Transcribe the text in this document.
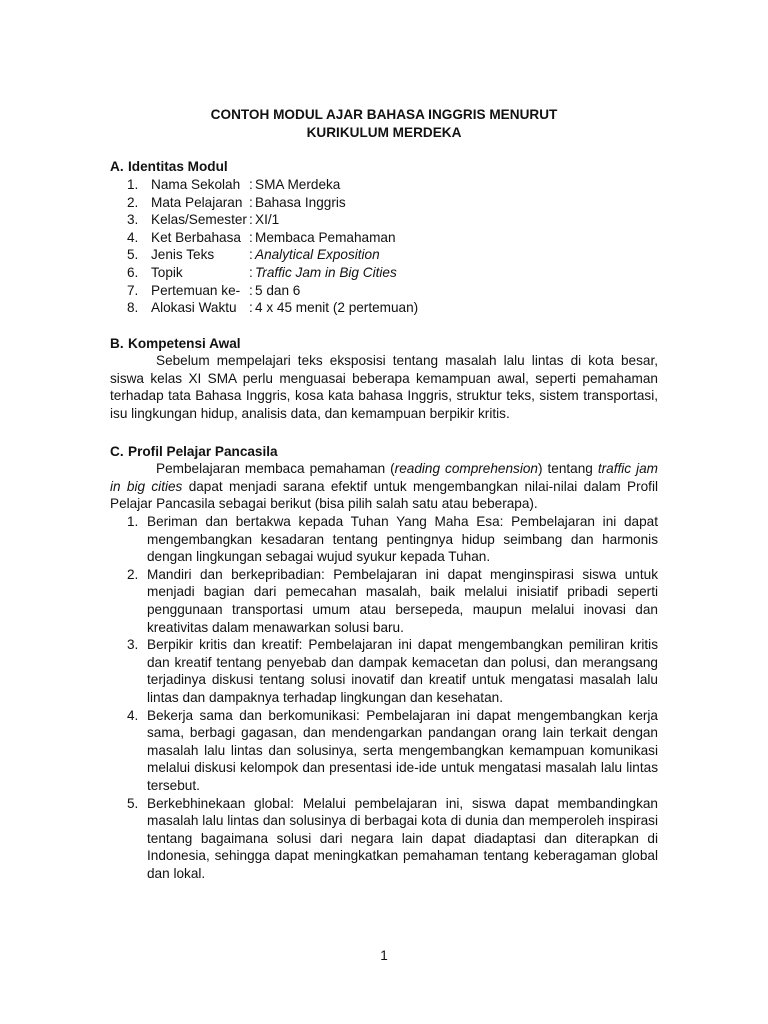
CONTOH MODUL AJAR BAHASA INGGRIS MENURUT
KURIKULUM MERDEKA
A. Identitas Modul
1. Nama Sekolah : SMA Merdeka
2. Mata Pelajaran : Bahasa Inggris
3. Kelas/Semester : XI/1
4. Ket Berbahasa : Membaca Pemahaman
5. Jenis Teks	: Analytical Exposition
6. Topik	: Traffic Jam in Big Cities
7. Pertemuan ke- : 5 dan 6
8. Alokasi Waktu : 4 x 45 menit (2 pertemuan)
B. Kompetensi Awal

Sebelum mempelajari teks eksposisi tentang masalah lalu lintas di kota besar, siswa kelas XI SMA perlu menguasai beberapa kemampuan awal, seperti pemahaman terhadap tata Bahasa Inggris, kosa kata bahasa Inggris, struktur teks, sistem transportasi, isu lingkungan hidup, analisis data, dan kemampuan berpikir kritis.

C. Profil Pelajar Pancasila

Pembelajaran membaca pemahaman (reading comprehension) tentang traffic jam in big cities dapat menjadi sarana efektif untuk mengembangkan nilai-nilai dalam Profil Pelajar Pancasila sebagai berikut (bisa pilih salah satu atau beberapa).

1. Beriman dan bertakwa kepada Tuhan Yang Maha Esa: Pembelajaran ini dapat mengembangkan kesadaran tentang pentingnya hidup seimbang dan harmonis dengan lingkungan sebagai wujud syukur kepada Tuhan.

2. Mandiri dan berkepribadian: Pembelajaran ini dapat menginspirasi siswa untuk menjadi bagian dari pemecahan masalah, baik melalui inisiatif pribadi seperti penggunaan transportasi umum atau bersepeda, maupun melalui inovasi dan kreativitas dalam menawarkan solusi baru.

3. Berpikir kritis dan kreatif: Pembelajaran ini dapat mengembangkan pemiliran kritis dan kreatif tentang penyebab dan dampak kemacetan dan polusi, dan merangsang terjadinya diskusi tentang solusi inovatif dan kreatif untuk mengatasi masalah lalu lintas dan dampaknya terhadap lingkungan dan kesehatan.

4. Bekerja sama dan berkomunikasi: Pembelajaran ini dapat mengembangkan kerja sama, berbagi gagasan, dan mendengarkan pandangan orang lain terkait dengan masalah lalu lintas dan solusinya, serta mengembangkan kemampuan komunikasi melalui diskusi kelompok dan presentasi ide-ide untuk mengatasi masalah lalu lintas tersebut.

5. Berkebhinekaan global: Melalui pembelajaran ini, siswa dapat membandingkan masalah lalu lintas dan solusinya di berbagai kota di dunia dan memperoleh inspirasi tentang bagaimana solusi dari negara lain dapat diadaptasi dan diterapkan di Indonesia, sehingga dapat meningkatkan pemahaman tentang keberagaman global dan lokal.

1
